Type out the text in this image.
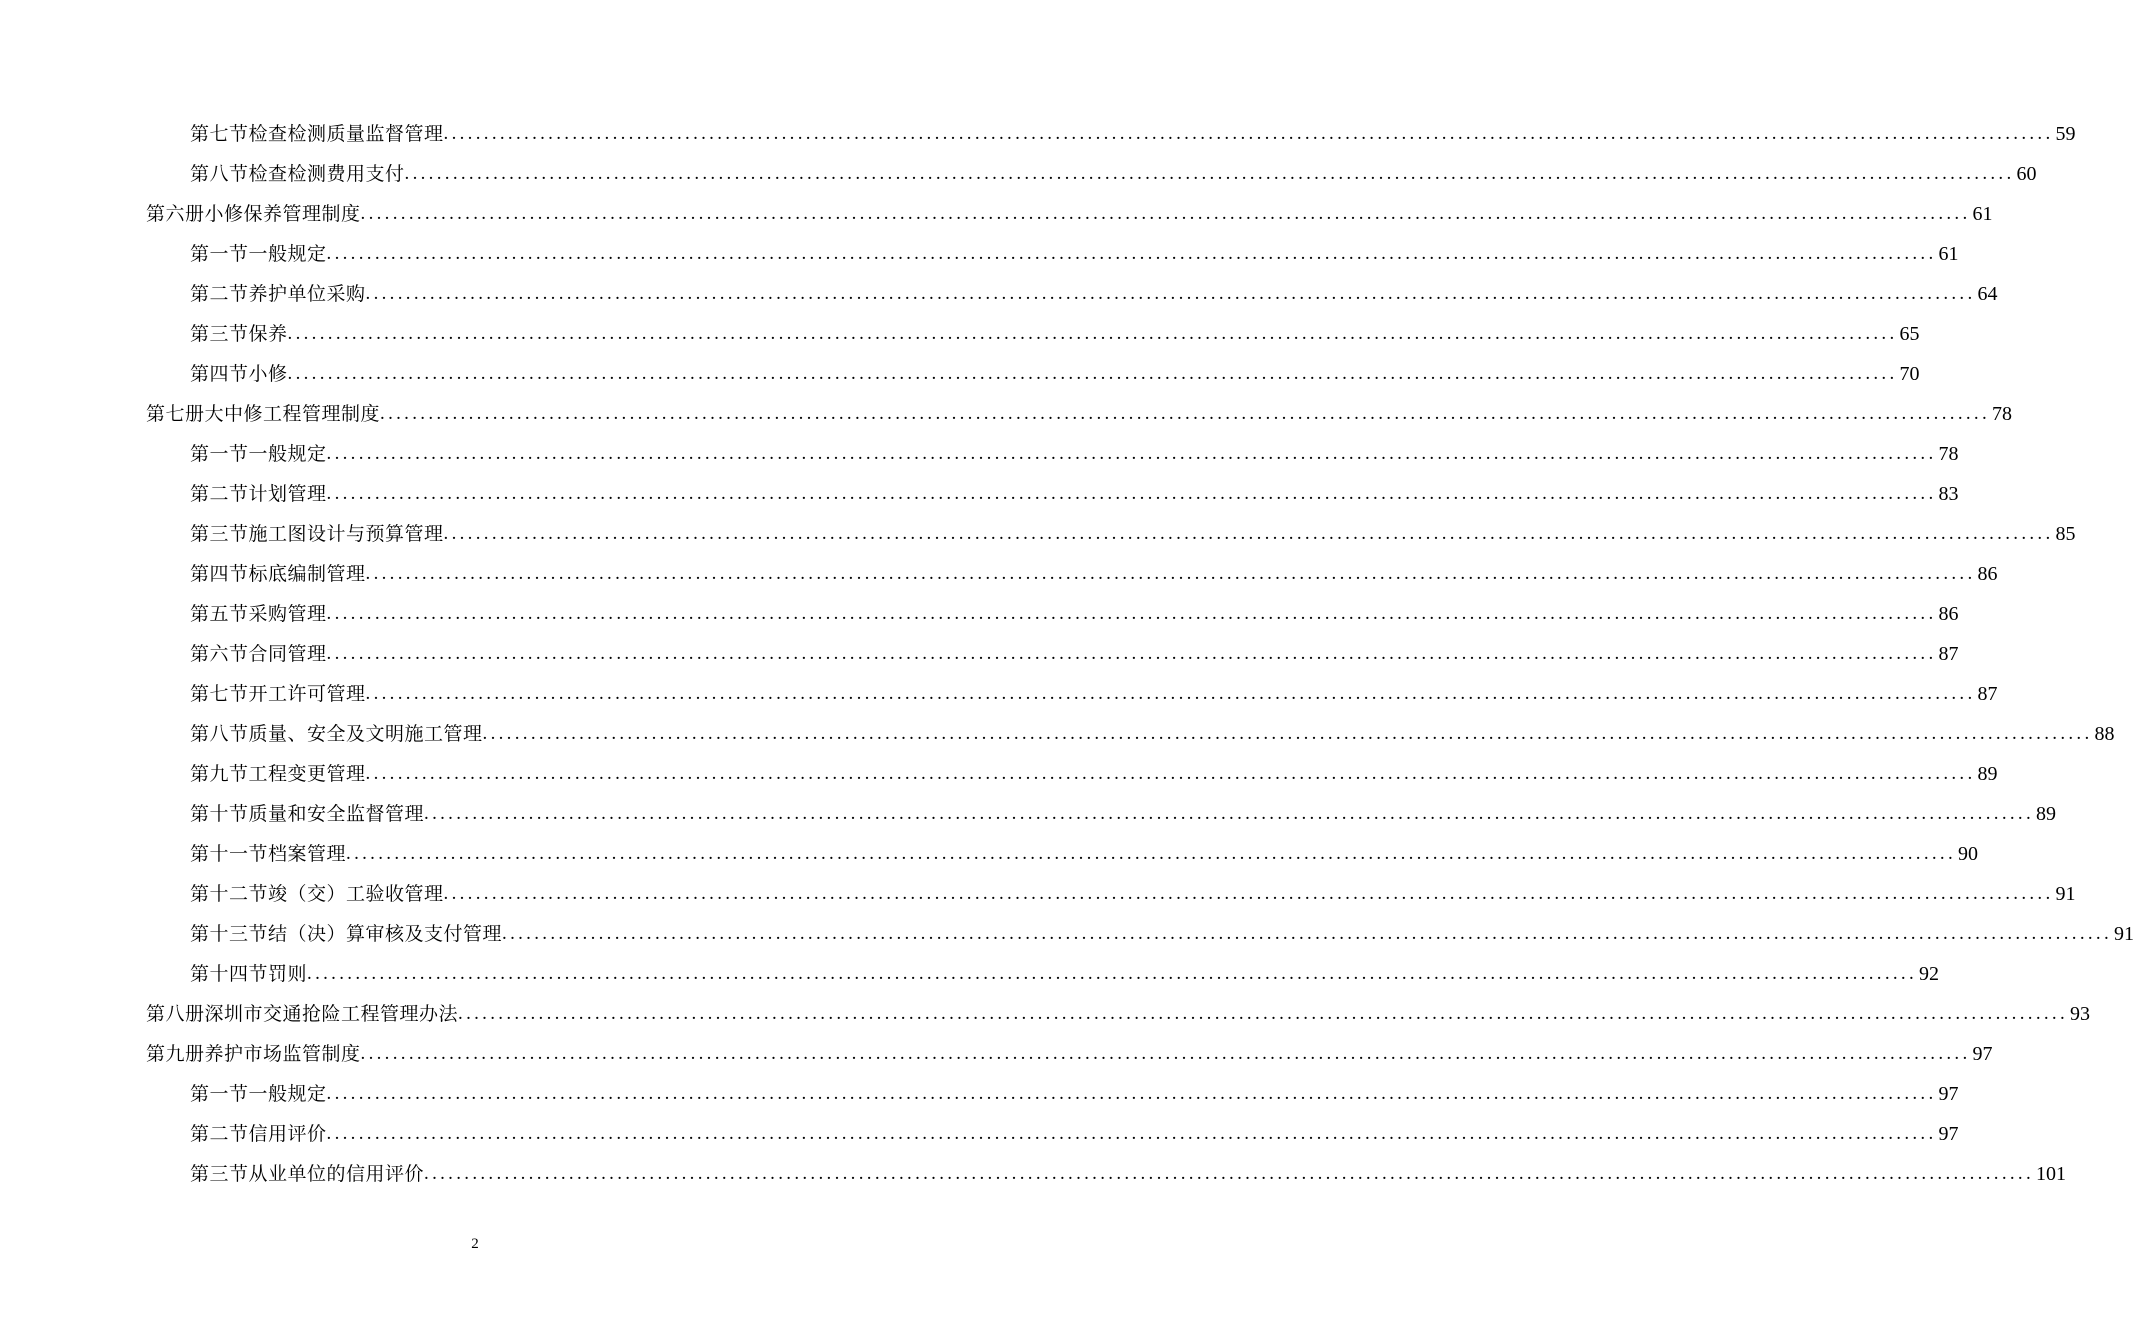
第七节检查检测质量监督管理 ........................................................................................................................................................................................................ 59
第八节检查检测费用支付 ........................................................................................................................................................................................................ 60
第六册小修保养管理制度 ........................................................................................................................................................................................................ 61
第一节一般规定 ........................................................................................................................................................................................................ 61
第二节养护单位采购 ........................................................................................................................................................................................................ 64
第三节保养 ........................................................................................................................................................................................................ 65
第四节小修 ........................................................................................................................................................................................................ 70
第七册大中修工程管理制度 ........................................................................................................................................................................................................ 78
第一节一般规定 ........................................................................................................................................................................................................ 78
第二节计划管理 ........................................................................................................................................................................................................ 83
第三节施工图设计与预算管理 ........................................................................................................................................................................................................ 85
第四节标底编制管理 ........................................................................................................................................................................................................ 86
第五节采购管理 ........................................................................................................................................................................................................ 86
第六节合同管理 ........................................................................................................................................................................................................ 87
第七节开工许可管理 ........................................................................................................................................................................................................ 87
第八节质量、安全及文明施工管理 ........................................................................................................................................................................................................ 88
第九节工程变更管理 ........................................................................................................................................................................................................ 89
第十节质量和安全监督管理 ........................................................................................................................................................................................................ 89
第十一节档案管理 ........................................................................................................................................................................................................ 90
第十二节竣（交）工验收管理 ........................................................................................................................................................................................................ 91
第十三节结（决）算审核及支付管理 ........................................................................................................................................................................................................ 91
第十四节罚则 ........................................................................................................................................................................................................ 92
第八册深圳市交通抢险工程管理办法 ........................................................................................................................................................................................................ 93
第九册养护市场监管制度 ........................................................................................................................................................................................................ 97
第一节一般规定 ........................................................................................................................................................................................................ 97
第二节信用评价 ........................................................................................................................................................................................................ 97
第三节从业单位的信用评价 ........................................................................................................................................................................................................ 101
2
